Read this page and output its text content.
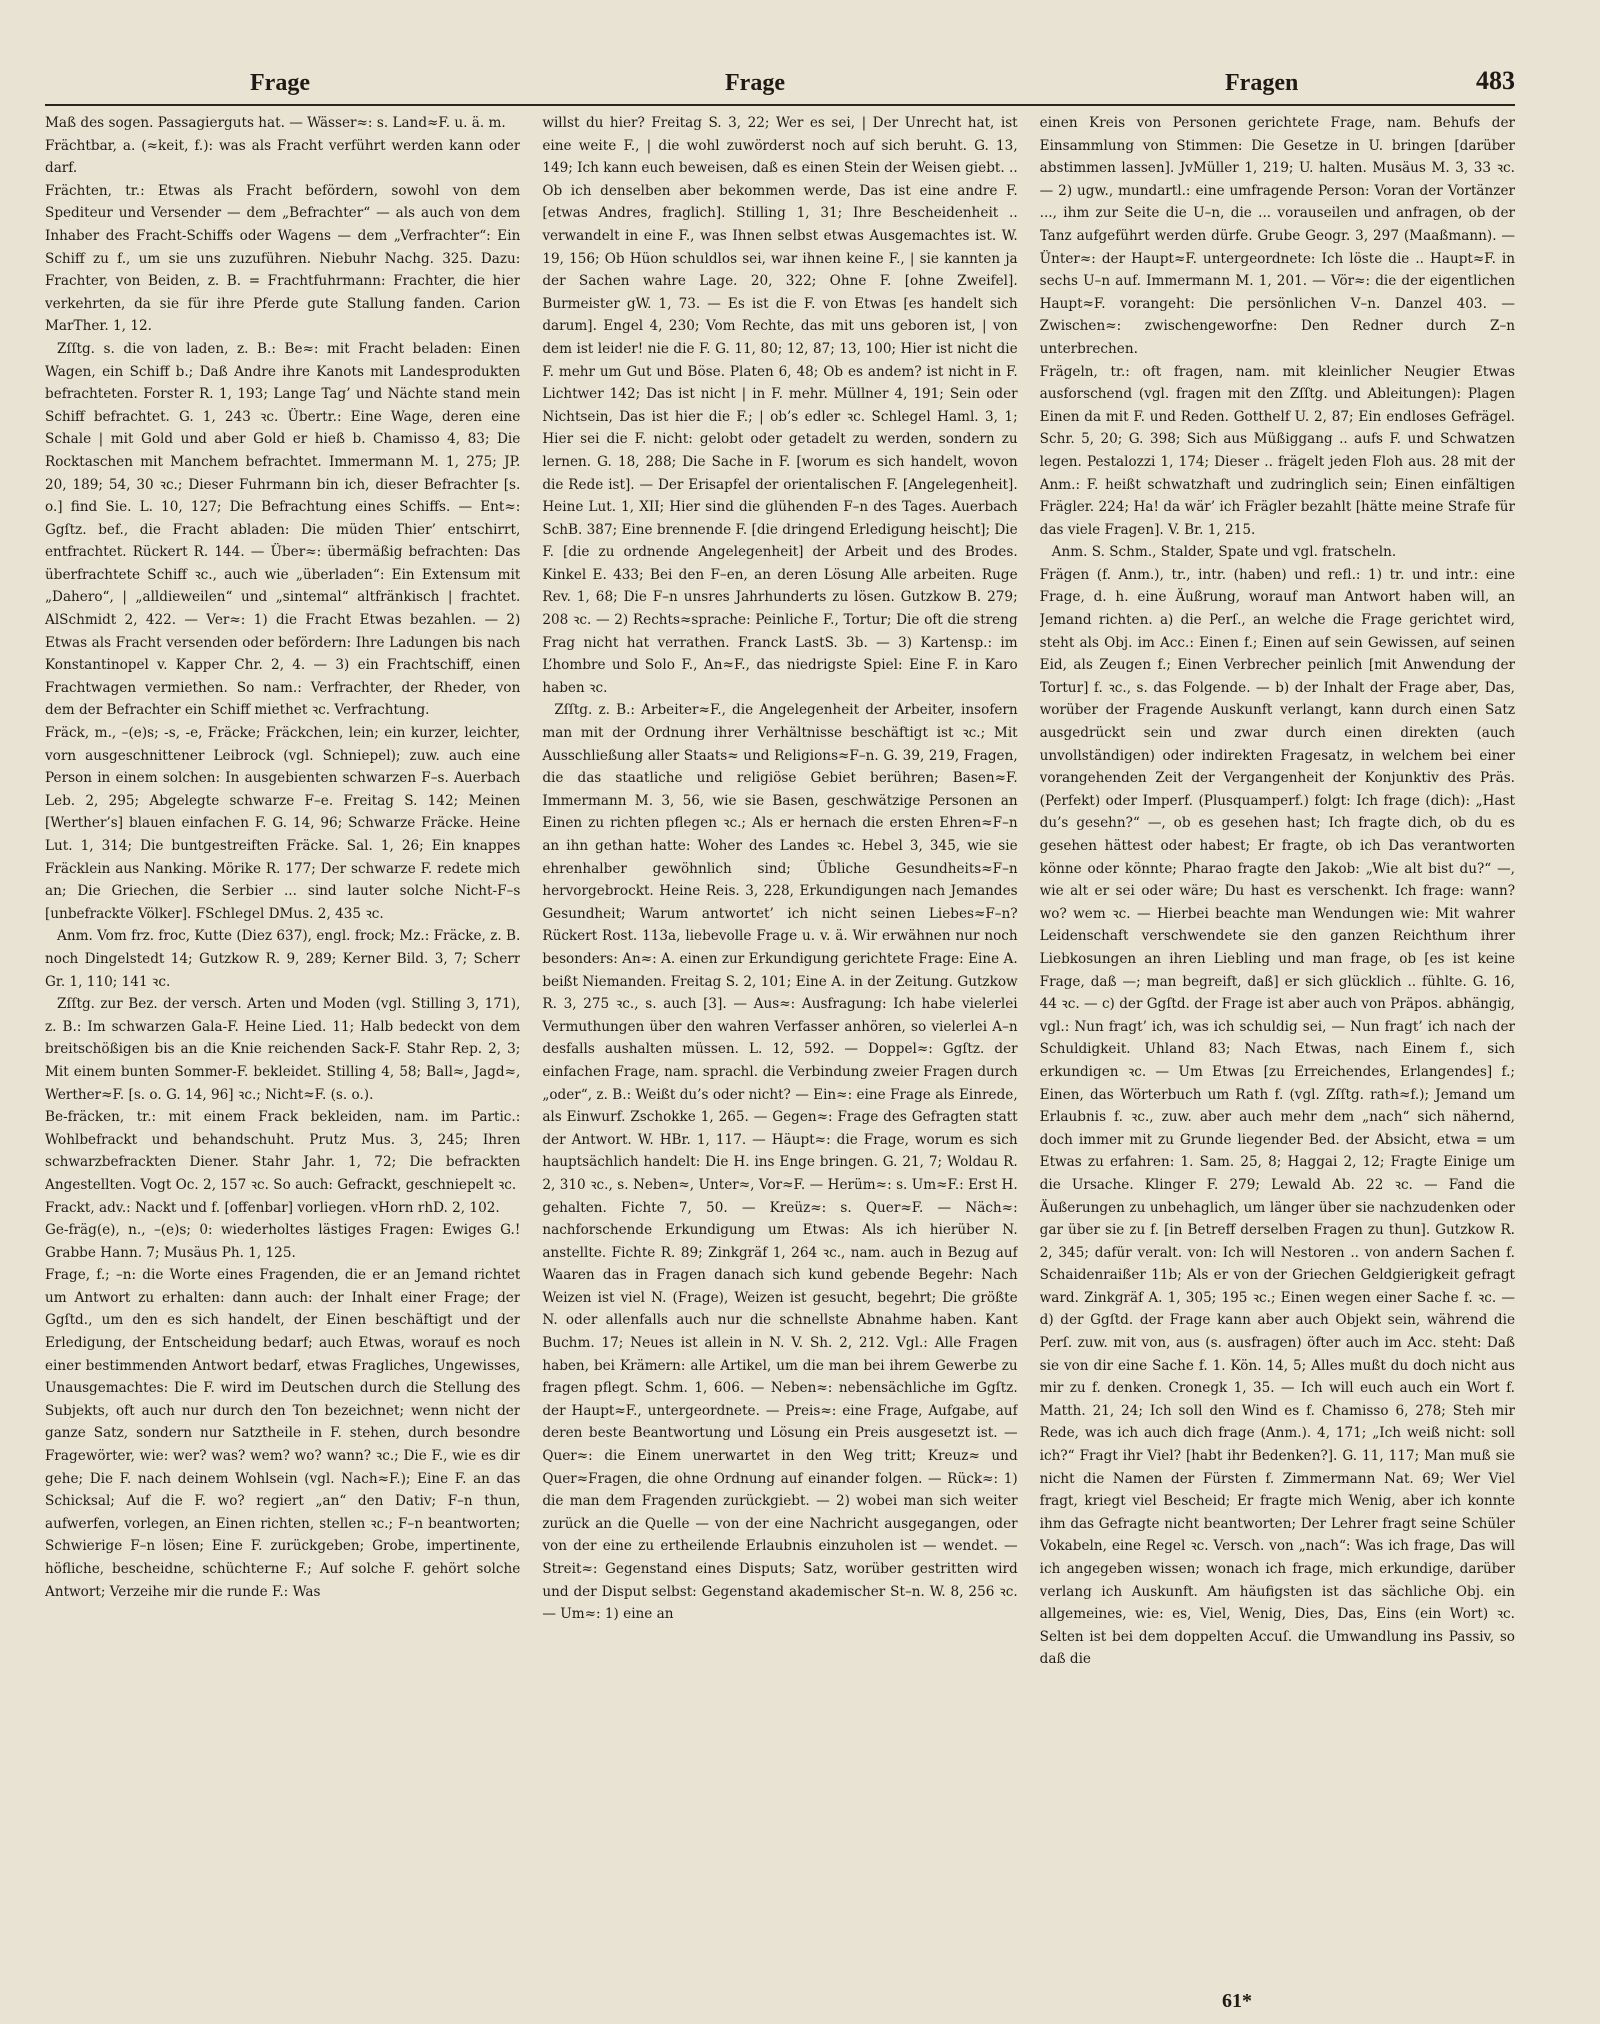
Frage	Frage	Fragen	483

Maß des sogen. Passagierguts hat. — Wässer≈: s. Land≈F. u. ä. m.

Frächtbar, a. (≈keit, f.): was als Fracht verführt werden kann oder darf.

Frächten, tr.: Etwas als Fracht befördern, sowohl von dem Spediteur und Versender — dem „Befrachter“ — als auch von dem Inhaber des Fracht-Schiffs oder Wagens — dem „Verfrachter“: Ein Schiff zu f., um sie uns zuzuführen. Niebuhr Nachg. 325. Dazu: Frachter, von Beiden, z. B. = Frachtfuhrmann: Frachter, die hier verkehrten, da sie für ihre Pferde gute Stallung fanden. Carion MarTher. 1, 12.

Zſſtg. s. die von laden, z. B.: Be≈: mit Fracht beladen: Einen Wagen, ein Schiff b.; Daß Andre ihre Kanots mit Landesprodukten befrachteten. Forster R. 1, 193; Lange Tag’ und Nächte stand mein Schiff befrachtet. G. 1, 243 ꝛc. Übertr.: Eine Wage, deren eine Schale | mit Gold und aber Gold er hieß b. Chamisso 4, 83; Die Rocktaschen mit Manchem befrachtet. Immermann M. 1, 275; JP. 20, 189; 54, 30 ꝛc.; Dieser Fuhrmann bin ich, dieser Befrachter [s. o.] find Sie. L. 10, 127; Die Befrachtung eines Schiffs. — Ent≈: Ggſtz. bef., die Fracht abladen: Die müden Thier’ entschirrt, entfrachtet. Rückert R. 144. — Über≈: übermäßig befrachten: Das überfrachtete Schiff ꝛc., auch wie „überladen“: Ein Extensum mit „Dahero“, | „alldieweilen“ und „sintemal“ altfränkisch | frachtet. AlSchmidt 2, 422. — Ver≈: 1) die Fracht Etwas bezahlen. — 2) Etwas als Fracht versenden oder befördern: Ihre Ladungen bis nach Konstantinopel v. Kapper Chr. 2, 4. — 3) ein Frachtschiff, einen Frachtwagen vermiethen. So nam.: Verfrachter, der Rheder, von dem der Befrachter ein Schiff miethet ꝛc. Verfrachtung.

Fräck, m., –(e)s; -s, -e, Fräcke; Fräckchen, lein; ein kurzer, leichter, vorn ausgeschnittener Leibrock (vgl. Schniepel); zuw. auch eine Person in einem solchen: In ausgebienten schwarzen F–s. Auerbach Leb. 2, 295; Abgelegte schwarze F–e. Freitag S. 142; Meinen [Werther’s] blauen einfachen F. G. 14, 96; Schwarze Fräcke. Heine Lut. 1, 314; Die buntgestreiften Fräcke. Sal. 1, 26; Ein knappes Fräcklein aus Nanking. Mörike R. 177; Der schwarze F. redete mich an; Die Griechen, die Serbier ... sind lauter solche Nicht-F–s [unbefrackte Völker]. FSchlegel DMus. 2, 435 ꝛc.

Anm. Vom frz. froc, Kutte (Diez 637), engl. frock; Mz.: Fräcke, z. B. noch Dingelstedt 14; Gutzkow R. 9, 289; Kerner Bild. 3, 7; Scherr Gr. 1, 110; 141 ꝛc.

Zſſtg. zur Bez. der versch. Arten und Moden (vgl. Stilling 3, 171), z. B.: Im schwarzen Gala-F. Heine Lied. 11; Halb bedeckt von dem breitschößigen bis an die Knie reichenden Sack-F. Stahr Rep. 2, 3; Mit einem bunten Sommer-F. bekleidet. Stilling 4, 58; Ball≈, Jagd≈, Werther≈F. [s. o. G. 14, 96] ꝛc.; Nicht≈F. (s. o.).

Be-fräcken, tr.: mit einem Frack bekleiden, nam. im Partic.: Wohlbefrackt und behandschuht. Prutz Mus. 3, 245; Ihren schwarzbefrackten Diener. Stahr Jahr. 1, 72; Die befrackten Angestellten. Vogt Oc. 2, 157 ꝛc. So auch: Gefrackt, geschniepelt ꝛc.

Frackt, adv.: Nackt und f. [offenbar] vorliegen. vHorn rhD. 2, 102.

Ge-fräg(e), n., –(e)s; 0: wiederholtes lästiges Fragen: Ewiges G.! Grabbe Hann. 7; Musäus Ph. 1, 125.

Frage, f.; –n: die Worte eines Fragenden, die er an Jemand richtet um Antwort zu erhalten: dann auch: der Inhalt einer Frage; der Ggſtd., um den es sich handelt, der Einen beschäftigt und der Erledigung, der Entscheidung bedarf; auch Etwas, worauf es noch einer bestimmenden Antwort bedarf, etwas Fragliches, Ungewisses, Unausgemachtes: Die F. wird im Deutschen durch die Stellung des Subjekts, oft auch nur durch den Ton bezeichnet; wenn nicht der ganze Satz, sondern nur Satztheile in F. stehen, durch besondre Fragewörter, wie: wer? was? wem? wo? wann? ꝛc.; Die F., wie es dir gehe; Die F. nach deinem Wohlsein (vgl. Nach≈F.); Eine F. an das Schicksal; Auf die F. wo? regiert „an“ den Dativ; F–n thun, aufwerfen, vorlegen, an Einen richten, stellen ꝛc.; F–n beantworten; Schwierige F–n lösen; Eine F. zurückgeben; Grobe, impertinente, höfliche, bescheidne, schüchterne F.; Auf solche F. gehört solche Antwort; Verzeihe mir die runde F.: Was

willst du hier? Freitag S. 3, 22; Wer es sei, | Der Unrecht hat, ist eine weite F., | die wohl zuwörderst noch auf sich beruht. G. 13, 149; Ich kann euch beweisen, daß es einen Stein der Weisen giebt. .. Ob ich denselben aber bekommen werde, Das ist eine andre F. [etwas Andres, fraglich]. Stilling 1, 31; Ihre Bescheidenheit .. verwandelt in eine F., was Ihnen selbst etwas Ausgemachtes ist. W. 19, 156; Ob Hüon schuldlos sei, war ihnen keine F., | sie kannten ja der Sachen wahre Lage. 20, 322; Ohne F. [ohne Zweifel]. Burmeister gW. 1, 73. — Es ist die F. von Etwas [es handelt sich darum]. Engel 4, 230; Vom Rechte, das mit uns geboren ist, | von dem ist leider! nie die F. G. 11, 80; 12, 87; 13, 100; Hier ist nicht die F. mehr um Gut und Böse. Platen 6, 48; Ob es andem? ist nicht in F. Lichtwer 142; Das ist nicht | in F. mehr. Müllner 4, 191; Sein oder Nichtsein, Das ist hier die F.; | ob’s edler ꝛc. Schlegel Haml. 3, 1; Hier sei die F. nicht: gelobt oder getadelt zu werden, sondern zu lernen. G. 18, 288; Die Sache in F. [worum es sich handelt, wovon die Rede ist]. — Der Erisapfel der orientalischen F. [Angelegenheit]. Heine Lut. 1, XII; Hier sind die glühenden F–n des Tages. Auerbach SchB. 387; Eine brennende F. [die dringend Erledigung heischt]; Die F. [die zu ordnende Angelegenheit] der Arbeit und des Brodes. Kinkel E. 433; Bei den F–en, an deren Lösung Alle arbeiten. Ruge Rev. 1, 68; Die F–n unsres Jahrhunderts zu lösen. Gutzkow B. 279; 208 ꝛc. — 2) Rechts≈sprache: Peinliche F., Tortur; Die oft die streng Frag nicht hat verrathen. Franck LastS. 3b. — 3) Kartensp.: im L’hombre und Solo F., An≈F., das niedrigste Spiel: Eine F. in Karo haben ꝛc.

Zſſtg. z. B.: Arbeiter≈F., die Angelegenheit der Arbeiter, insofern man mit der Ordnung ihrer Verhältnisse beschäftigt ist ꝛc.; Mit Ausschließung aller Staats≈ und Religions≈F–n. G. 39, 219, Fragen, die das staatliche und religiöse Gebiet berühren; Basen≈F. Immermann M. 3, 56, wie sie Basen, geschwätzige Personen an Einen zu richten pflegen ꝛc.; Als er hernach die ersten Ehren≈F–n an ihn gethan hatte: Woher des Landes ꝛc. Hebel 3, 345, wie sie ehrenhalber gewöhnlich sind; Übliche Gesundheits≈F–n hervorgebrockt. Heine Reis. 3, 228, Erkundigungen nach Jemandes Gesundheit; Warum antwortet’ ich nicht seinen Liebes≈F–n? Rückert Rost. 113a, liebevolle Frage u. v. ä. Wir erwähnen nur noch besonders: An≈: A. einen zur Erkundigung gerichtete Frage: Eine A. beißt Niemanden. Freitag S. 2, 101; Eine A. in der Zeitung. Gutzkow R. 3, 275 ꝛc., s. auch [3]. — Aus≈: Ausfragung: Ich habe vielerlei Vermuthungen über den wahren Verfasser anhören, so vielerlei A–n desfalls aushalten müssen. L. 12, 592. — Doppel≈: Ggſtz. der einfachen Frage, nam. sprachl. die Verbindung zweier Fragen durch „oder“, z. B.: Weißt du’s oder nicht? — Ein≈: eine Frage als Einrede, als Einwurf. Zschokke 1, 265. — Gegen≈: Frage des Gefragten statt der Antwort. W. HBr. 1, 117. — Häupt≈: die Frage, worum es sich hauptsächlich handelt: Die H. ins Enge bringen. G. 21, 7; Woldau R. 2, 310 ꝛc., s. Neben≈, Unter≈, Vor≈F. — Herüm≈: s. Um≈F.: Erst H. gehalten. Fichte 7, 50. — Kreüz≈: s. Quer≈F. — Näch≈: nachforschende Erkundigung um Etwas: Als ich hierüber N. anstellte. Fichte R. 89; Zinkgräf 1, 264 ꝛc., nam. auch in Bezug auf Waaren das in Fragen danach sich kund gebende Begehr: Nach Weizen ist viel N. (Frage), Weizen ist gesucht, begehrt; Die größte N. oder allenfalls auch nur die schnellste Abnahme haben. Kant Buchm. 17; Neues ist allein in N. V. Sh. 2, 212. Vgl.: Alle Fragen haben, bei Krämern: alle Artikel, um die man bei ihrem Gewerbe zu fragen pflegt. Schm. 1, 606. — Neben≈: nebensächliche im Ggſtz. der Haupt≈F., untergeordnete. — Preis≈: eine Frage, Aufgabe, auf deren beste Beantwortung und Lösung ein Preis ausgesetzt ist. — Quer≈: die Einem unerwartet in den Weg tritt; Kreuz≈ und Quer≈Fragen, die ohne Ordnung auf einander folgen. — Rück≈: 1) die man dem Fragenden zurückgiebt. — 2) wobei man sich weiter zurück an die Quelle — von der eine Nachricht ausgegangen, oder von der eine zu ertheilende Erlaubnis einzuholen ist — wendet. — Streit≈: Gegenstand eines Disputs; Satz, worüber gestritten wird und der Disput selbst: Gegenstand akademischer St–n. W. 8, 256 ꝛc. — Um≈: 1) eine an

einen Kreis von Personen gerichtete Frage, nam. Behufs der Einsammlung von Stimmen: Die Gesetze in U. bringen [darüber abstimmen lassen]. JvMüller 1, 219; U. halten. Musäus M. 3, 33 ꝛc. — 2) ugw., mundartl.: eine umfragende Person: Voran der Vortänzer ..., ihm zur Seite die U–n, die ... vorauseilen und anfragen, ob der Tanz aufgeführt werden dürfe. Grube Geogr. 3, 297 (Maaßmann). — Ünter≈: der Haupt≈F. untergeordnete: Ich löste die .. Haupt≈F. in sechs U–n auf. Immermann M. 1, 201. — Vör≈: die der eigentlichen Haupt≈F. vorangeht: Die persönlichen V–n. Danzel 403. — Zwischen≈: zwischengeworfne: Den Redner durch Z–n unterbrechen.

Frägeln, tr.: oft fragen, nam. mit kleinlicher Neugier Etwas ausforschend (vgl. fragen mit den Zſſtg. und Ableitungen): Plagen Einen da mit F. und Reden. Gotthelf U. 2, 87; Ein endloses Gefrägel. Schr. 5, 20; G. 398; Sich aus Müßiggang .. aufs F. und Schwatzen legen. Pestalozzi 1, 174; Dieser .. frägelt jeden Floh aus. 28 mit der Anm.: F. heißt schwatzhaft und zudringlich sein; Einen einfältigen Frägler. 224; Ha! da wär’ ich Frägler bezahlt [hätte meine Strafe für das viele Fragen]. V. Br. 1, 215.

Anm. S. Schm., Stalder, Spate und vgl. fratscheln.

Frägen (f. Anm.), tr., intr. (haben) und refl.: 1) tr. und intr.: eine Frage, d. h. eine Äußrung, worauf man Antwort haben will, an Jemand richten. a) die Perſ., an welche die Frage gerichtet wird, steht als Obj. im Acc.: Einen f.; Einen auf sein Gewissen, auf seinen Eid, als Zeugen f.; Einen Verbrecher peinlich [mit Anwendung der Tortur] f. ꝛc., s. das Folgende. — b) der Inhalt der Frage aber, Das, worüber der Fragende Auskunft verlangt, kann durch einen Satz ausgedrückt sein und zwar durch einen direkten (auch unvollständigen) oder indirekten Fragesatz, in welchem bei einer vorangehenden Zeit der Vergangenheit der Konjunktiv des Präs. (Perfekt) oder Imperf. (Plusquamperf.) folgt: Ich frage (dich): „Hast du’s gesehn?“ —, ob es gesehen hast; Ich fragte dich, ob du es gesehen hättest oder habest; Er fragte, ob ich Das verantworten könne oder könnte; Pharao fragte den Jakob: „Wie alt bist du?“ —, wie alt er sei oder wäre; Du hast es verschenkt. Ich frage: wann? wo? wem ꝛc. — Hierbei beachte man Wendungen wie: Mit wahrer Leidenschaft verschwendete sie den ganzen Reichthum ihrer Liebkosungen an ihren Liebling und man frage, ob [es ist keine Frage, daß —; man begreift, daß] er sich glücklich .. fühlte. G. 16, 44 ꝛc. — c) der Ggſtd. der Frage ist aber auch von Präpos. abhängig, vgl.: Nun fragt’ ich, was ich schuldig sei, — Nun fragt’ ich nach der Schuldigkeit. Uhland 83; Nach Etwas, nach Einem f., sich erkundigen ꝛc. — Um Etwas [zu Erreichendes, Erlangendes] f.; Einen, das Wörterbuch um Rath f. (vgl. Zſſtg. rath≈f.); Jemand um Erlaubnis f. ꝛc., zuw. aber auch mehr dem „nach“ sich nähernd, doch immer mit zu Grunde liegender Bed. der Absicht, etwa = um Etwas zu erfahren: 1. Sam. 25, 8; Haggai 2, 12; Fragte Einige um die Ursache. Klinger F. 279; Lewald Ab. 22 ꝛc. — Fand die Äußerungen zu unbehaglich, um länger über sie nachzudenken oder gar über sie zu f. [in Betreff derselben Fragen zu thun]. Gutzkow R. 2, 345; dafür veralt. von: Ich will Nestoren .. von andern Sachen f. Schaidenraißer 11b; Als er von der Griechen Geldgierigkeit gefragt ward. Zinkgräf A. 1, 305; 195 ꝛc.; Einen wegen einer Sache f. ꝛc. — d) der Ggſtd. der Frage kann aber auch Objekt sein, während die Perſ. zuw. mit von, aus (s. ausfragen) öfter auch im Acc. steht: Daß sie von dir eine Sache f. 1. Kön. 14, 5; Alles mußt du doch nicht aus mir zu f. denken. Cronegk 1, 35. — Ich will euch auch ein Wort f. Matth. 21, 24; Ich soll den Wind es f. Chamisso 6, 278; Steh mir Rede, was ich auch dich frage (Anm.). 4, 171; „Ich weiß nicht: soll ich?“ Fragt ihr Viel? [habt ihr Bedenken?]. G. 11, 117; Man muß sie nicht die Namen der Fürsten f. Zimmermann Nat. 69; Wer Viel fragt, kriegt viel Bescheid; Er fragte mich Wenig, aber ich konnte ihm das Gefragte nicht beantworten; Der Lehrer fragt seine Schüler Vokabeln, eine Regel ꝛc. Versch. von „nach“: Was ich frage, Das will ich angegeben wissen; wonach ich frage, mich erkundige, darüber verlang ich Auskunft. Am häufigsten ist das sächliche Obj. ein allgemeines, wie: es, Viel, Wenig, Dies, Das, Eins (ein Wort) ꝛc. Selten ist bei dem doppelten Accuſ. die Umwandlung ins Passiv, so daß die

61*
